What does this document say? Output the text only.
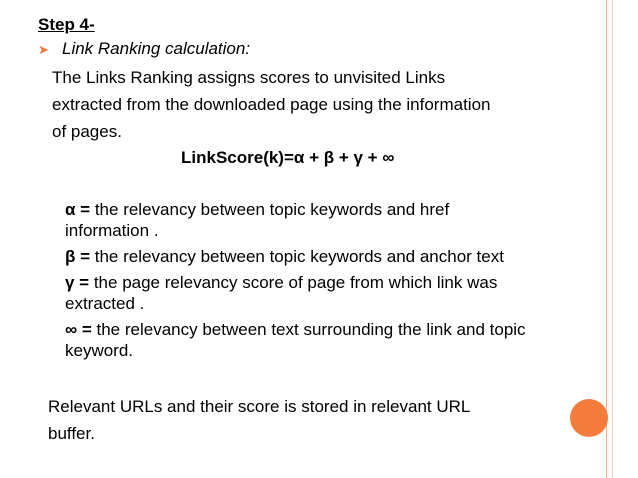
Step 4-
➤ Link Ranking calculation:
The Links Ranking assigns scores to unvisited Links
extracted from the downloaded page using the information
of pages.
LinkScore(k)=α + β + γ + ∞
α = the relevancy between topic keywords and href
information .
β = the relevancy between topic keywords and anchor text
γ = the page relevancy score of page from which link was
extracted .
∞ = the relevancy between text surrounding the link and topic
keyword.
Relevant URLs and their score is stored in relevant URL
buffer.
